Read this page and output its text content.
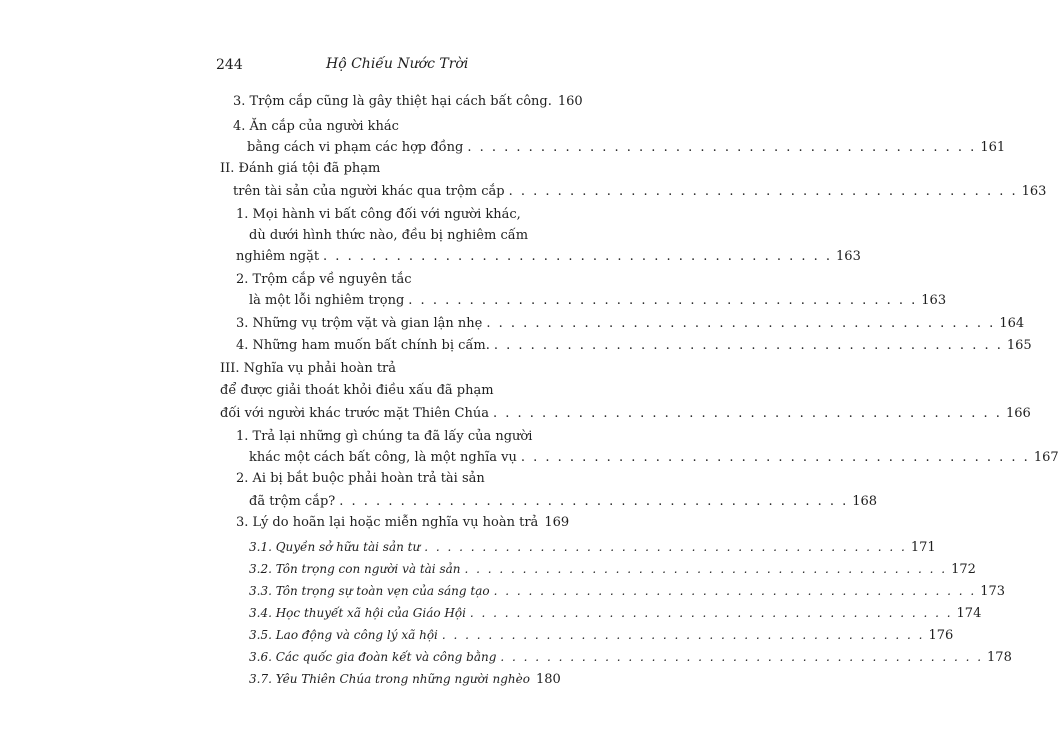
244	Hộ Chiếu Nước Trời
3. Trộm cắp cũng là gây thiệt hại cách bất công. 160
4. Ăn cắp của người khác
bằng cách vi phạm các hợp đồng . . . . . . . . . . . . . . . . . . . . . . . . . . . . . . . . . . . . . . . . . . 161
II. Đánh giá tội đã phạm
trên tài sản của người khác qua trộm cắp . . . . . . . . . . . . . . . . . . . . . . . . . . . . . . . . . . . . . . . . . . 163
1. Mọi hành vi bất công đối với người khác,
dù dưới hình thức nào, đều bị nghiêm cấm
nghiêm ngặt . . . . . . . . . . . . . . . . . . . . . . . . . . . . . . . . . . . . . . . . . . 163
2. Trộm cắp về nguyên tắc
là một lỗi nghiêm trọng . . . . . . . . . . . . . . . . . . . . . . . . . . . . . . . . . . . . . . . . . . 163
3. Những vụ trộm vặt và gian lận nhẹ . . . . . . . . . . . . . . . . . . . . . . . . . . . . . . . . . . . . . . . . . . 164
4. Những ham muốn bất chính bị cấm. . . . . . . . . . . . . . . . . . . . . . . . . . . . . . . . . . . . . . . . . . . 165
III. Nghĩa vụ phải hoàn trả
để được giải thoát khỏi điều xấu đã phạm
đối với người khác trước mặt Thiên Chúa . . . . . . . . . . . . . . . . . . . . . . . . . . . . . . . . . . . . . . . . . . 166
1. Trả lại những gì chúng ta đã lấy của người
khác một cách bất công, là một nghĩa vụ . . . . . . . . . . . . . . . . . . . . . . . . . . . . . . . . . . . . . . . . . . 167
2. Ai bị bắt buộc phải hoàn trả tài sản
đã trộm cắp? . . . . . . . . . . . . . . . . . . . . . . . . . . . . . . . . . . . . . . . . . . 168
3. Lý do hoãn lại hoặc miễn nghĩa vụ hoàn trả 169
3.1. Quyền sở hữu tài sản tư . . . . . . . . . . . . . . . . . . . . . . . . . . . . . . . . . . . . . . . . . . 171
3.2. Tôn trọng con người và tài sản . . . . . . . . . . . . . . . . . . . . . . . . . . . . . . . . . . . . . . . . . . 172
3.3. Tôn trọng sự toàn vẹn của sáng tạo . . . . . . . . . . . . . . . . . . . . . . . . . . . . . . . . . . . . . . . . . . 173
3.4. Học thuyết xã hội của Giáo Hội . . . . . . . . . . . . . . . . . . . . . . . . . . . . . . . . . . . . . . . . . . 174
3.5. Lao động và công lý xã hội . . . . . . . . . . . . . . . . . . . . . . . . . . . . . . . . . . . . . . . . . . 176
3.6. Các quốc gia đoàn kết và công bằng . . . . . . . . . . . . . . . . . . . . . . . . . . . . . . . . . . . . . . . . . . 178
3.7. Yêu Thiên Chúa trong những người nghèo 180
